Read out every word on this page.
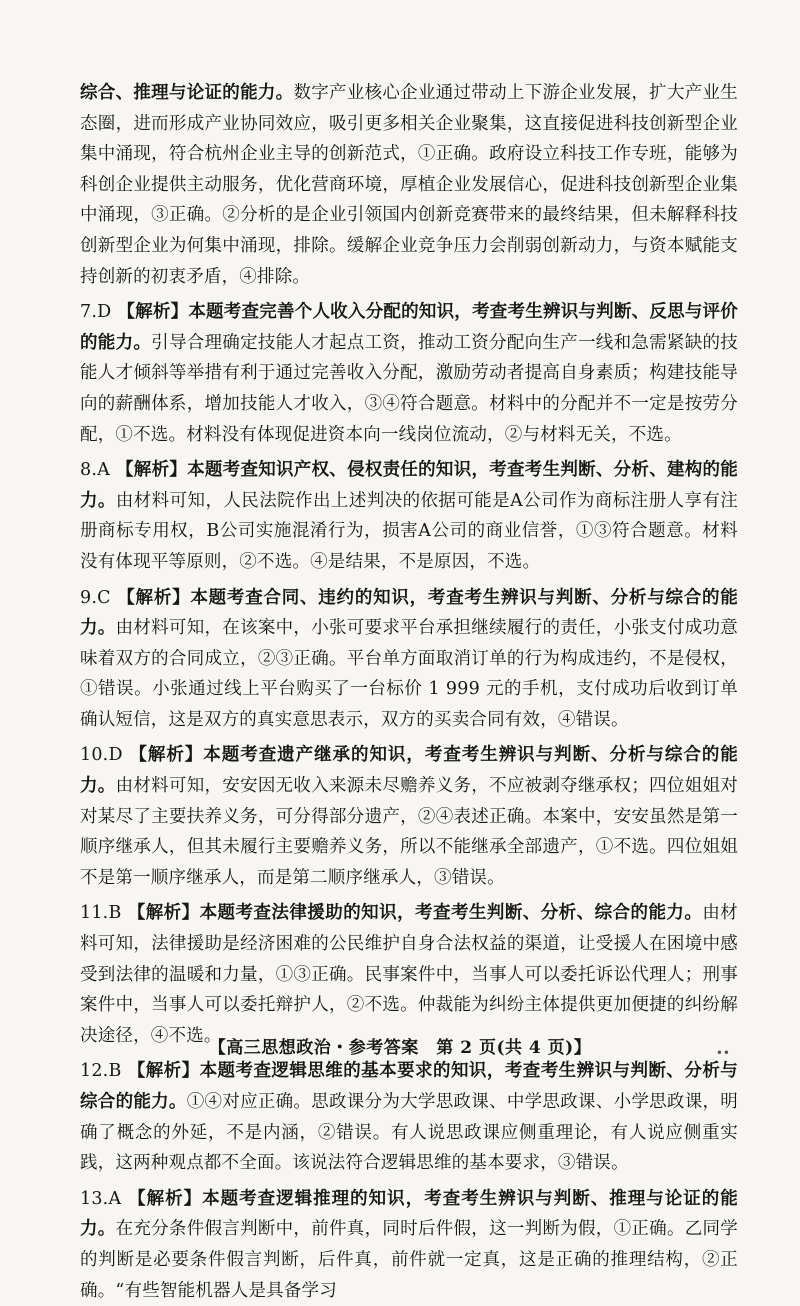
综合、推理与论证的能力。数字产业核心企业通过带动上下游企业发展，扩大产业生态圈，进而形成产业协同效应，吸引更多相关企业聚集，这直接促进科技创新型企业集中涌现，符合杭州企业主导的创新范式，①正确。政府设立科技工作专班，能够为科创企业提供主动服务，优化营商环境，厚植企业发展信心，促进科技创新型企业集中涌现，③正确。②分析的是企业引领国内创新竞赛带来的最终结果，但未解释科技创新型企业为何集中涌现，排除。缓解企业竞争压力会削弱创新动力，与资本赋能支持创新的初衷矛盾，④排除。

7.D 【解析】本题考查完善个人收入分配的知识，考查考生辨识与判断、反思与评价的能力。引导合理确定技能人才起点工资，推动工资分配向生产一线和急需紧缺的技能人才倾斜等举措有利于通过完善收入分配，激励劳动者提高自身素质；构建技能导向的薪酬体系，增加技能人才收入，③④符合题意。材料中的分配并不一定是按劳分配，①不选。材料没有体现促进资本向一线岗位流动，②与材料无关，不选。

8.A 【解析】本题考查知识产权、侵权责任的知识，考查考生判断、分析、建构的能力。由材料可知，人民法院作出上述判决的依据可能是A公司作为商标注册人享有注册商标专用权，B公司实施混淆行为，损害A公司的商业信誉，①③符合题意。材料没有体现平等原则，②不选。④是结果，不是原因，不选。

9.C 【解析】本题考查合同、违约的知识，考查考生辨识与判断、分析与综合的能力。由材料可知，在该案中，小张可要求平台承担继续履行的责任，小张支付成功意味着双方的合同成立，②③正确。平台单方面取消订单的行为构成违约，不是侵权，①错误。小张通过线上平台购买了一台标价 1 999 元的手机，支付成功后收到订单确认短信，这是双方的真实意思表示，双方的买卖合同有效，④错误。

10.D 【解析】本题考查遗产继承的知识，考查考生辨识与判断、分析与综合的能力。由材料可知，安安因无收入来源未尽赡养义务，不应被剥夺继承权；四位姐姐对对某尽了主要扶养义务，可分得部分遗产，②④表述正确。本案中，安安虽然是第一顺序继承人，但其未履行主要赡养义务，所以不能继承全部遗产，①不选。四位姐姐不是第一顺序继承人，而是第二顺序继承人，③错误。

11.B 【解析】本题考查法律援助的知识，考查考生判断、分析、综合的能力。由材料可知，法律援助是经济困难的公民维护自身合法权益的渠道，让受援人在困境中感受到法律的温暖和力量，①③正确。民事案件中，当事人可以委托诉讼代理人；刑事案件中，当事人可以委托辩护人，②不选。仲裁能为纠纷主体提供更加便捷的纠纷解决途径，④不选。

12.B 【解析】本题考查逻辑思维的基本要求的知识，考查考生辨识与判断、分析与综合的能力。①④对应正确。思政课分为大学思政课、中学思政课、小学思政课，明确了概念的外延，不是内涵，②错误。有人说思政课应侧重理论，有人说应侧重实践，这两种观点都不全面。该说法符合逻辑思维的基本要求，③错误。

13.A 【解析】本题考查逻辑推理的知识，考查考生辨识与判断、推理与论证的能力。在充分条件假言判断中，前件真，同时后件假，这一判断为假，①正确。乙同学的判断是必要条件假言判断，后件真，前件就一定真，这是正确的推理结构，②正确。“有些智能机器人是具备学习

【高三思想政治・参考答案　第 2 页(共 4 页)】	••
